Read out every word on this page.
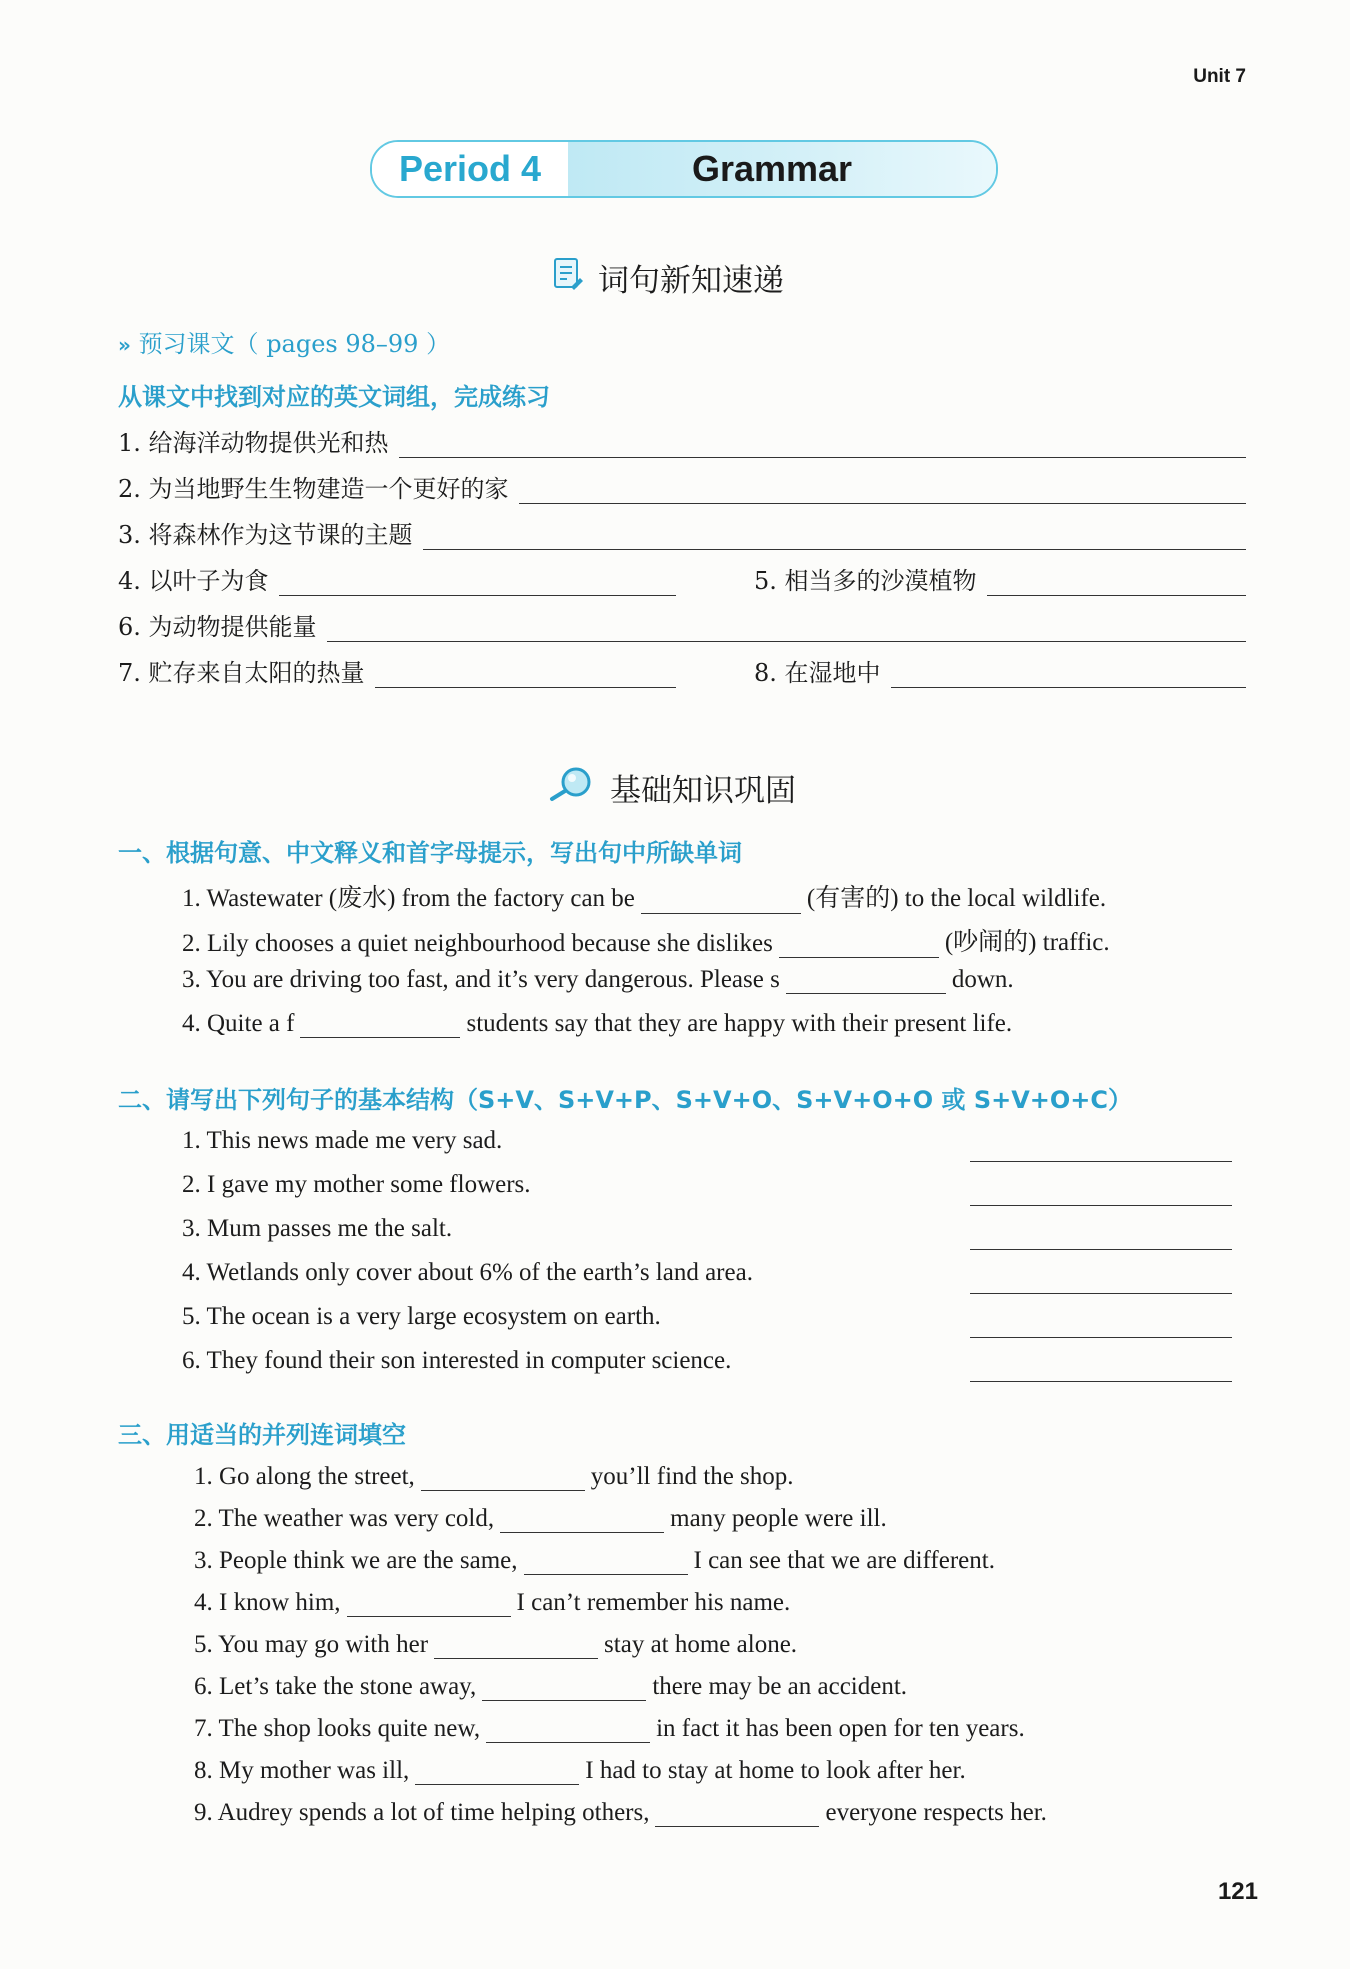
Unit 7
Period 4	Grammar
词句新知速递
» 预习课文（ pages 98–99 ）
从课文中找到对应的英文词组，完成练习
1. 给海洋动物提供光和热
2. 为当地野生生物建造一个更好的家
3. 将森林作为这节课的主题
4. 以叶子为食	5. 相当多的沙漠植物
6. 为动物提供能量
7. 贮存来自太阳的热量	8. 在湿地中
基础知识巩固
一、根据句意、中文释义和首字母提示，写出句中所缺单词
1. Wastewater (废水) from the factory can be	(有害的) to the local wildlife.
2. Lily chooses a quiet neighbourhood because she dislikes	(吵闹的) traffic.
3. You are driving too fast, and it’s very dangerous. Please s	down.
4. Quite a f	students say that they are happy with their present life.
二、请写出下列句子的基本结构（S+V、S+V+P、S+V+O、S+V+O+O 或 S+V+O+C）
1. This news made me very sad.
2. I gave my mother some flowers.
3. Mum passes me the salt.
4. Wetlands only cover about 6% of the earth’s land area.
5. The ocean is a very large ecosystem on earth.
6. They found their son interested in computer science.
三、用适当的并列连词填空
1. Go along the street,	you’ll find the shop.
2. The weather was very cold,	many people were ill.
3. People think we are the same,	I can see that we are different.
4. I know him,	I can’t remember his name.
5. You may go with her	stay at home alone.
6. Let’s take the stone away,	there may be an accident.
7. The shop looks quite new,	in fact it has been open for ten years.
8. My mother was ill,	I had to stay at home to look after her.
9. Audrey spends a lot of time helping others,	everyone respects her.
121
